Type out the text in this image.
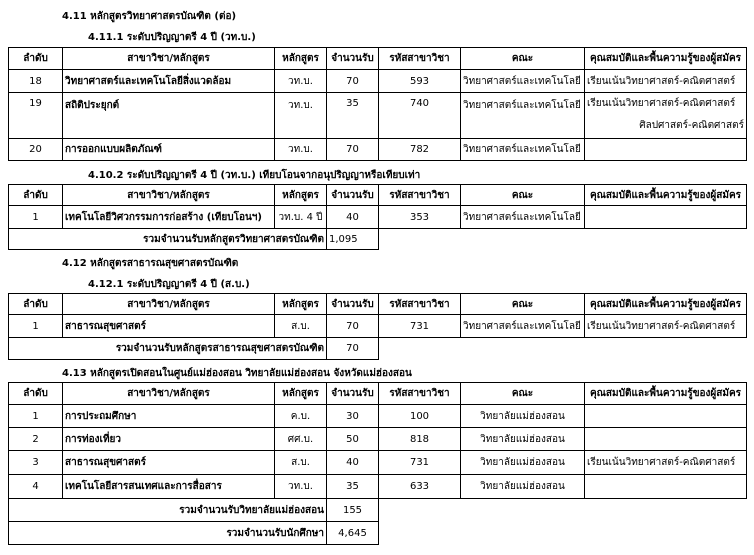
4.11 หลักสูตรวิทยาศาสตรบัณฑิต (ต่อ)
4.11.1 ระดับปริญญาตรี 4 ปี (วท.บ.)
ลำดับ	สาขาวิชา/หลักสูตร	หลักสูตร	จำนวนรับ	รหัสสาขาวิชา	คณะ	คุณสมบัติและพื้นความรู้ของผู้สมัคร
18	วิทยาศาสตร์และเทคโนโลยีสิ่งแวดล้อม	วท.บ.	70	593	วิทยาศาสตร์และเทคโนโลยี	เรียนเน้นวิทยาศาสตร์-คณิตศาสตร์
19	สถิติประยุกต์	วท.บ.	35	740	วิทยาศาสตร์และเทคโนโลยี	เรียนเน้นวิทยาศาสตร์-คณิตศาสตร์
ศิลปศาสตร์-คณิตศาสตร์

20	การออกแบบผลิตภัณฑ์	วท.บ.	70	782	วิทยาศาสตร์และเทคโนโลยี	
4.10.2 ระดับปริญญาตรี 4 ปี (วท.บ.) เทียบโอนจากอนุปริญญาหรือเทียบเท่า
ลำดับ	สาขาวิชา/หลักสูตร	หลักสูตร	จำนวนรับ	รหัสสาขาวิชา	คณะ	คุณสมบัติและพื้นความรู้ของผู้สมัคร
1	เทคโนโลยีวิศวกรรมการก่อสร้าง (เทียบโอนฯ)	วท.บ. 4 ปี	40	353	วิทยาศาสตร์และเทคโนโลยี	
รวมจำนวนรับหลักสูตรวิทยาศาสตรบัณฑิต			1,095			
4.12 หลักสูตรสาธารณสุขศาสตรบัณฑิต
4.12.1 ระดับปริญญาตรี 4 ปี (ส.บ.)
ลำดับ	สาขาวิชา/หลักสูตร	หลักสูตร	จำนวนรับ	รหัสสาขาวิชา	คณะ	คุณสมบัติและพื้นความรู้ของผู้สมัคร
1	สาธารณสุขศาสตร์	ส.บ.	70	731	วิทยาศาสตร์และเทคโนโลยี	เรียนเน้นวิทยาศาสตร์-คณิตศาสตร์
รวมจำนวนรับหลักสูตรสาธารณสุขศาสตรบัณฑิต			70			
4.13 หลักสูตรเปิดสอนในศูนย์แม่ฮ่องสอน วิทยาลัยแม่ฮ่องสอน จังหวัดแม่ฮ่องสอน
ลำดับ	สาขาวิชา/หลักสูตร	หลักสูตร	จำนวนรับ	รหัสสาขาวิชา	คณะ	คุณสมบัติและพื้นความรู้ของผู้สมัคร
1	การประถมศึกษา	ค.บ.	30	100	วิทยาลัยแม่ฮ่องสอน	
2	การท่องเที่ยว	ศศ.บ.	50	818	วิทยาลัยแม่ฮ่องสอน	
3	สาธารณสุขศาสตร์	ส.บ.	40	731	วิทยาลัยแม่ฮ่องสอน	เรียนเน้นวิทยาศาสตร์-คณิตศาสตร์
4	เทคโนโลยีสารสนเทศและการสื่อสาร	วท.บ.	35	633	วิทยาลัยแม่ฮ่องสอน	
รวมจำนวนรับวิทยาลัยแม่ฮ่องสอน			155			
รวมจำนวนรับนักศึกษา			4,645			
